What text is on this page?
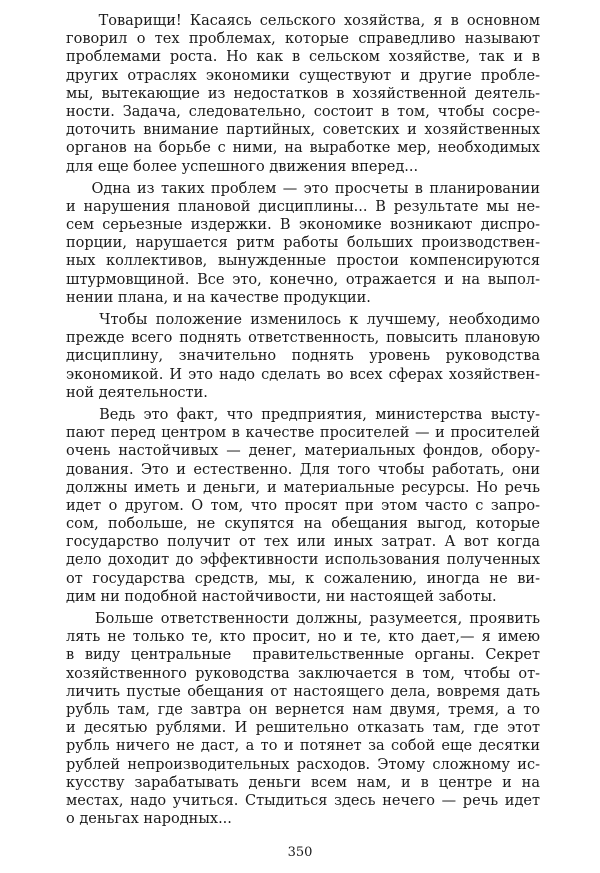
Товарищи! Касаясь сельского хозяйства, я в основном
говорил о тех проблемах, которые справедливо называют
проблемами роста. Но как в сельском хозяйстве, так и в
других отраслях экономики существуют и другие пробле-
мы, вытекающие из недостатков в хозяйственной деятель-
ности. Задача, следовательно, состоит в том, чтобы сосре-
доточить внимание партийных, советских и хозяйственных
органов на борьбе с ними, на выработке мер, необходимых
для еще более успешного движения вперед...
Одна из таких проблем — это просчеты в планировании
и нарушения плановой дисциплины... В результате мы не-
сем серьезные издержки. В экономике возникают диспро-
порции, нарушается ритм работы больших производствен-
ных коллективов, вынужденные простои компенсируются
штурмовщиной. Все это, конечно, отражается и на выпол-
нении плана, и на качестве продукции.
Чтобы положение изменилось к лучшему, необходимо
прежде всего поднять ответственность, повысить плановую
дисциплину, значительно поднять уровень руководства
экономикой. И это надо сделать во всех сферах хозяйствен-
ной деятельности.
Ведь это факт, что предприятия, министерства высту-
пают перед центром в качестве просителей — и просителей
очень настойчивых — денег, материальных фондов, обору-
дования. Это и естественно. Для того чтобы работать, они
должны иметь и деньги, и материальные ресурсы. Но речь
идет о другом. О том, что просят при этом часто с запро-
сом, побольше, не скупятся на обещания выгод, которые
государство получит от тех или иных затрат. А вот когда
дело доходит до эффективности использования полученных
от государства средств, мы, к сожалению, иногда не ви-
дим ни подобной настойчивости, ни настоящей заботы.
Больше ответственности должны, разумеется, проявить
лять не только те, кто просит, но и те, кто дает,— я имею
в виду центральные  правительственные органы. Секрет
хозяйственного руководства заключается в том, чтобы от-
личить пустые обещания от настоящего дела, вовремя дать
рубль там, где завтра он вернется нам двумя, тремя, а то
и десятью рублями. И решительно отказать там, где этот
рубль ничего не даст, а то и потянет за собой еще десятки
рублей непроизводительных расходов. Этому сложному ис-
кусству зарабатывать деньги всем нам, и в центре и на
местах, надо учиться. Стыдиться здесь нечего — речь идет
о деньгах народных...
350
